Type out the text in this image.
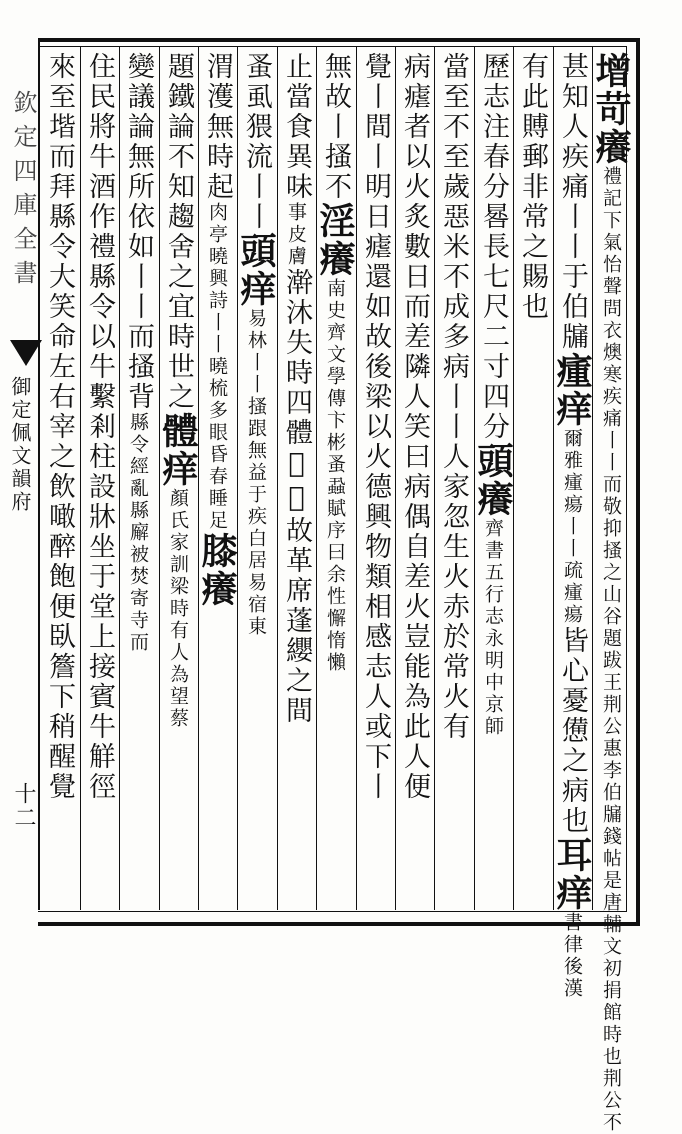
欽定四庫全書
御定佩文韻府
十二
增苛癢禮記下氣怡聲問衣燠寒疾痛丨丨而敬抑搔之山谷題跋王荆公惠李伯牖錢帖是唐輔文初捐館時也荆公不
甚知人疾痛丨丨于伯牖瘇痒爾雅瘇瘍丨丨疏瘇瘍皆心憂憊之病也耳痒書律後漢
有此賻郵非常之賜也
歷志注春分晷長七尺二寸四分頭癢齊書五行志永明中京師
當至不至歲惡米不成多病丨丨人家忽生火赤於常火有
病瘧者以火炙數日而差隣人笑曰病偶自差火豈能為此人便
覺丨間丨明日瘧還如故後梁以火德興物類相感志人或下丨
無故丨搔不淫癢南史齊文學傳卞彬蚤蝨賦序曰余性懈惰懶
止當食異味事皮膚澣沐失時四體𫋟𫋟故革席蓬纓之間
蚤虱猥流丨丨頭痒易林丨丨搔跟無益于疾白居易宿東
渭濩無時起肉亭曉興詩丨丨曉梳多眼昏春睡足膝癢
題鐵論不知趨舍之宜時世之體痒顏氏家訓梁時有人為望蔡
變議論無所依如丨丨而搔背縣令經亂縣廨被焚寄寺而
住民將牛酒作禮縣令以牛繫剎柱設牀坐于堂上接賓牛觧徑
來至堦而拜縣令大笑命左右宰之飲噉醉飽便臥簷下稍醒覺
